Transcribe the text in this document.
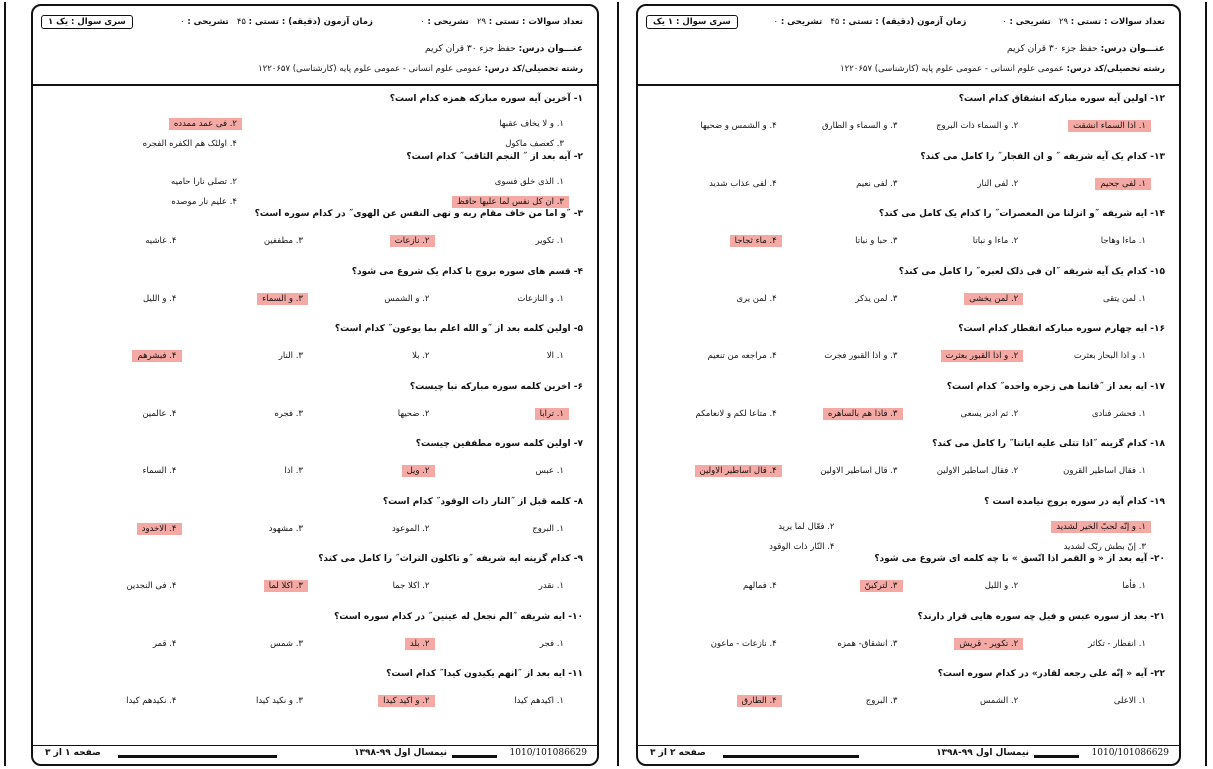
تعداد سوالات : تستی : ۲۹   تشریحی : ۰
زمان آزمون (دقیقه) : تستی : ۴۵   تشریحی : ۰
سری سوال : یک ۱
عنـــوان درس:

حفظ جزء ۳۰ قران کریم
رشته تحصیلی/کد درس:

عمومی علوم انسانی - عمومی علوم پایه (کارشناسی) ۱۲۲۰۶۵۷
۱- آخرین آیه سوره مبارکه همزه کدام است؟
۱. و لا یخاف عقبها
۲. فی عمد ممدده
۳. کعصف ماکول
۴. اولئک هم الکفره الفجره
۲- آیه بعد از ˝ النجم الثاقب˝ کدام است؟
۱. الذی خلق فسوی
۲. تصلی نارا حامیه
۳. ان کل نفس لما علیها حافظ
۴. علیم نار موصده
۳- ˝و اما من خاف مقام ربه و نهی النفس عن الهوی˝ در کدام سوره است؟
۱. تکویر
۲. نازعات
۳. مطففین
۴. غاشیه
۴- قسم های سوره بروج با کدام یک شروع می شود؟
۱. و النازعات
۲. و الشمس
۳. و السماء
۴. و اللیل
۵- اولین کلمه بعد از ˝و الله اعلم بما یوعون˝ کدام است؟
۱. الا
۲. بلا
۳. النار
۴. فبشرهم
۶- اخرین کلمه سوره مبارکه نبا چیست؟
۱. ترابا
۲. ضحیها
۳. فجره
۴. عالمین
۷- اولین کلمه سوره مطففین چیست؟
۱. عبس
۲. ویل
۳. اذا
۴. السماء
۸- کلمه قبل از ˝النار ذات الوقود˝ کدام است؟
۱. البروج
۲. الموعود
۳. مشهود
۴. الاخدود
۹- کدام گزینه ایه شریفه ˝و تاکلون التراث˝ را کامل می کند؟
۱. نقدر
۲. اکلا جما
۳. اکلا لما
۴. فی النجدین
۱۰- ایه شریفه ˝الم نجعل له عینین˝ در کدام سوره است؟
۱. فجر
۲. بلد
۳. شمس
۴. قمر
۱۱- ایه بعد از ˝انهم یکیدون کیدا˝ کدام است؟
۱. اکیدهم کیدا
۲. و اکید کیدا
۳. و نکید کیدا
۴. نکیدهم کیدا
1010/101086629
نیمسال اول ۹۹-۱۳۹۸
صفحه ۱ از ۳
تعداد سوالات : تستی : ۲۹   تشریحی : ۰
زمان آزمون (دقیقه) : تستی : ۴۵   تشریحی : ۰
سری سوال : ۱ یک
عنـــوان درس:

حفظ جزء ۳۰ قران کریم
رشته تحصیلی/کد درس:

عمومی علوم انسانی - عمومی علوم پایه (کارشناسی) ۱۲۲۰۶۵۷
۱۲- اولین آیه سوره مبارکه انشقاق کدام است؟
۱. اذا السماء انشقت
۲. و السماء ذات البروج
۳. و السماء و الطارق
۴. و الشمس و ضحیها
۱۳- کدام یک آیه شریفه ˝ و ان الفجار˝ را کامل می کند؟
۱. لفی جحیم
۲. لفی النار
۳. لفی نعیم
۴. لفی عذاب شدید
۱۴- ایه شریفه ˝و انزلنا من المعصرات˝ را کدام یک کامل می کند؟
۱. ماءا وهاجا
۲. ماءا و نباتا
۳. حبا و نباتا
۴. ماء ثجاجا
۱۵- کدام یک آیه شریفه ˝ان فی ذلک لعبره˝ را کامل می کند؟
۱. لمن یتقی
۲. لمن یخشی
۳. لمن یذکر
۴. لمن یری
۱۶- ایه چهارم سوره مبارکه انفطار کدام است؟
۱. و اذا البحار بعثرت
۲. و اذا القبور بعثرت
۳. و اذا القبور فجرت
۴. مراجعه من تنعیم
۱۷- ایه بعد از ˝فانما هی زجره واحده˝ کدام است؟
۱. فحشر فنادی
۲. ثم ادبر یسعی
۳. فاذا هم بالساهره
۴. متاعا لکم و لانعامکم
۱۸- کدام گزینه ˝اذا تتلی علیه ایاتنا˝ را کامل می کند؟
۱. فقال اساطیر القرون
۲. فقال اساطیر الاولین
۳. قال اساطیر الاولین
۴. قال اساطیر الاولین
۱۹- کدام آیه در سوره بروج نیامده است ؟
۱. و إنّه لحبّ الخیر لشدید
۲. فعّال لما یرید
۳. إنّ بطش ربّک لشدید
۴. النّار ذات الوقود
۲۰- آیه بعد از « و القمر اذا اتّسق » با چه کلمه ای شروع می شود؟
۱. فأما
۲. و اللیل
۳. لترکبنّ
۴. فمالهم
۲۱- بعد از سوره عبس و فیل چه سوره هایی قرار دارند؟
۱. انفطار - تکاثر
۲. تکویر - قریش
۳. انشقاق- همزه
۴. نازعات - ماعون
۲۲- آیه « إنّه علی رجعه لقادر» در کدام سوره است؟
۱. الاعلی
۲. الشمس
۳. البروج
۴. الطارق
1010/101086629
نیمسال اول ۹۹-۱۳۹۸
صفحه ۲ از ۳
